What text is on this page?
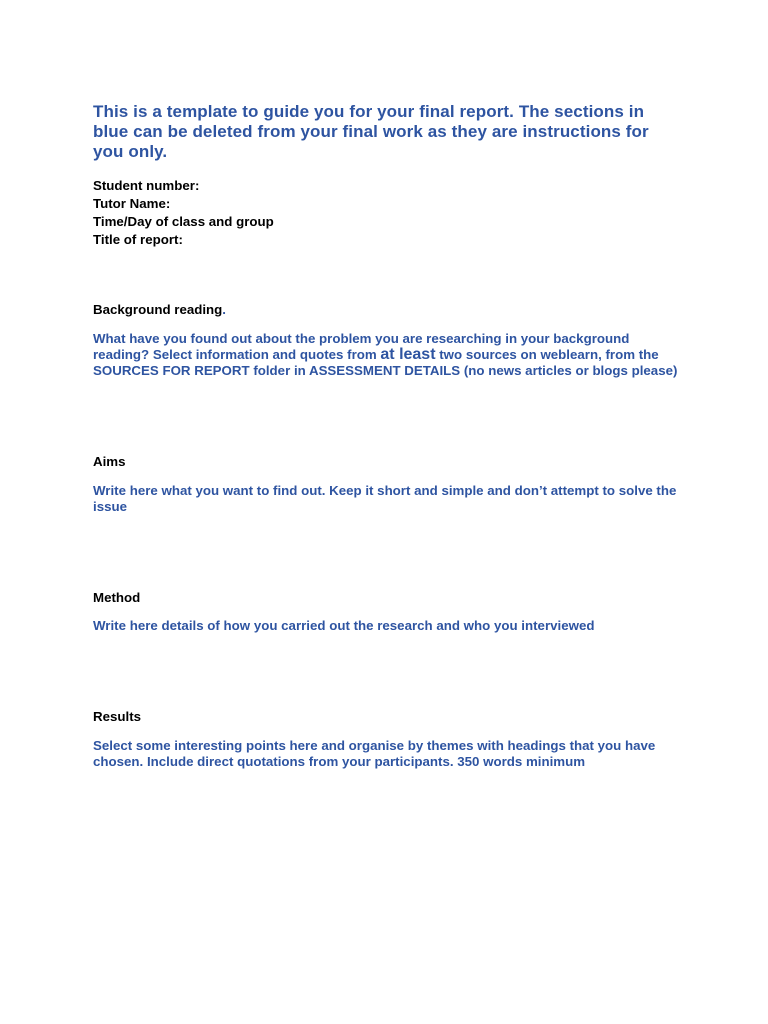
This is a template to guide you for your final report. The sections in blue can be deleted from your final work as they are instructions for you only.

Student number:
Tutor Name:
Time/Day of class and group
Title of report:
Background reading.

What have you found out about the problem you are researching in your background reading? Select information and quotes from at least two sources on weblearn, from the SOURCES FOR REPORT folder in ASSESSMENT DETAILS (no news articles or blogs please)

Aims

Write here what you want to find out. Keep it short and simple and don’t attempt to solve the issue

Method

Write here details of how you carried out the research and who you interviewed

Results

Select some interesting points here and organise by themes with headings that you have chosen. Include direct quotations from your participants. 350 words minimum
